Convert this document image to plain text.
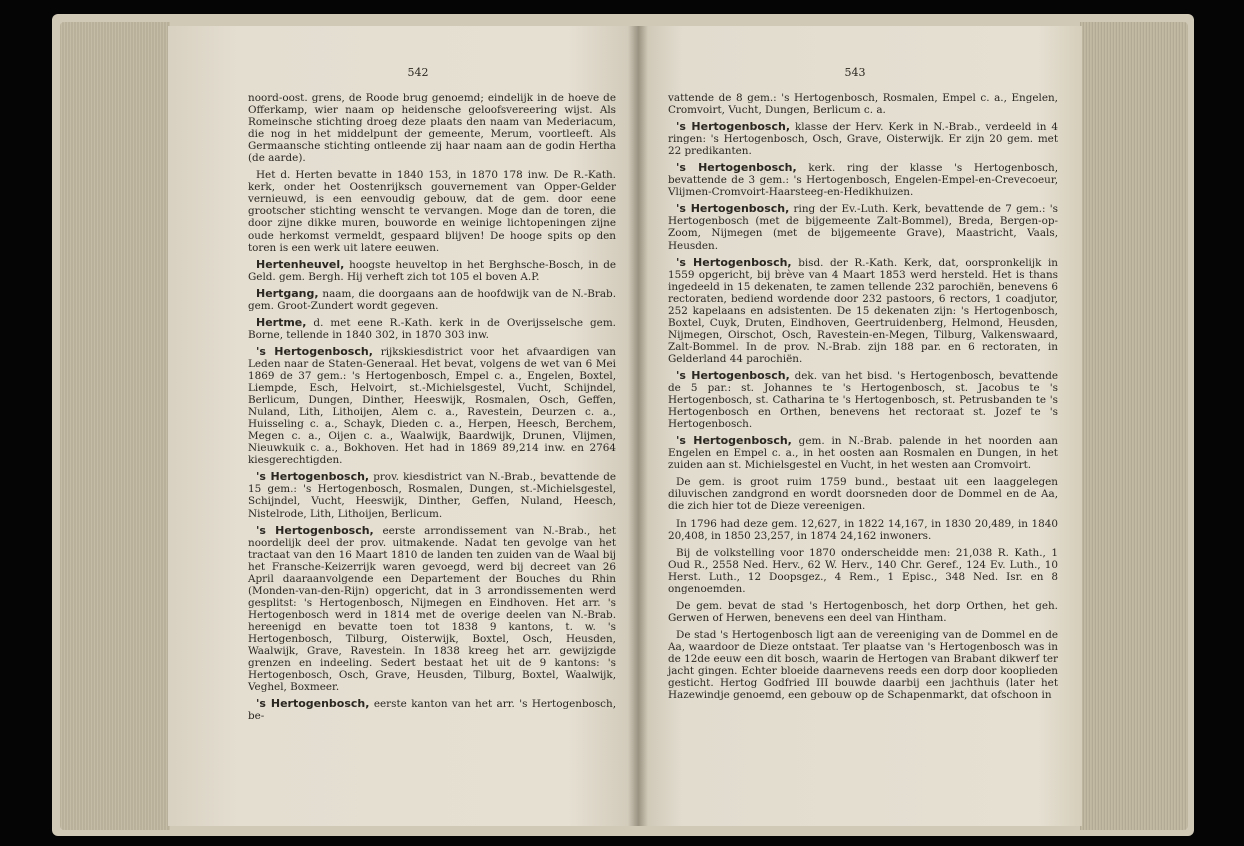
542

noord-oost. grens, de Roode brug genoemd; eindelijk in de hoeve de Offerkamp, wier naam op heidensche geloofsvereering wijst. Als Romeinsche stichting droeg deze plaats den naam van Mederiacum, die nog in het middelpunt der gemeente, Merum, voortleeft. Als Germaansche stichting ontleende zij haar naam aan de godin Hertha (de aarde).

Het d. Herten bevatte in 1840 153, in 1870 178 inw. De R.-Kath. kerk, onder het Oostenrijksch gouvernement van Opper-Gelder vernieuwd, is een eenvoudig gebouw, dat de gem. door eene grootscher stichting wenscht te vervangen. Moge dan de toren, die door zijne dikke muren, bouworde en weinige lichtopeningen zijne oude herkomst vermeldt, gespaard blijven! De hooge spits op den toren is een werk uit latere eeuwen.

Hertenheuvel, hoogste heuveltop in het Berghsche-Bosch, in de Geld. gem. Bergh. Hij verheft zich tot 105 el boven A.P.

Hertgang, naam, die doorgaans aan de hoofdwijk van de N.-Brab. gem. Groot-Zundert wordt gegeven.

Hertme, d. met eene R.-Kath. kerk in de Overijsselsche gem. Borne, tellende in 1840 302, in 1870 303 inw.

's Hertogenbosch, rijkskiesdistrict voor het afvaardigen van Leden naar de Staten-Generaal. Het bevat, volgens de wet van 6 Mei 1869 de 37 gem.: 's Hertogenbosch, Empel c. a., Engelen, Boxtel, Liempde, Esch, Helvoirt, st.-Michielsgestel, Vucht, Schijndel, Berlicum, Dungen, Dinther, Heeswijk, Rosmalen, Osch, Geffen, Nuland, Lith, Lithoijen, Alem c. a., Ravestein, Deurzen c. a., Huisseling c. a., Schayk, Dieden c. a., Herpen, Heesch, Berchem, Megen c. a., Oijen c. a., Waalwijk, Baardwijk, Drunen, Vlijmen, Nieuwkuik c. a., Bokhoven. Het had in 1869 89,214 inw. en 2764 kiesgerechtigden.

's Hertogenbosch, prov. kiesdistrict van N.-Brab., bevattende de 15 gem.: 's Hertogenbosch, Rosmalen, Dungen, st.-Michielsgestel, Schijndel, Vucht, Heeswijk, Dinther, Geffen, Nuland, Heesch, Nistelrode, Lith, Lithoijen, Berlicum.

's Hertogenbosch, eerste arrondissement van N.-Brab., het noordelijk deel der prov. uitmakende. Nadat ten gevolge van het tractaat van den 16 Maart 1810 de landen ten zuiden van de Waal bij het Fransche-Keizerrijk waren gevoegd, werd bij decreet van 26 April daaraanvolgende een Departement der Bouches du Rhin (Monden-van-den-Rijn) opgericht, dat in 3 arrondissementen werd gesplitst: 's Hertogenbosch, Nijmegen en Eindhoven. Het arr. 's Hertogenbosch werd in 1814 met de overige deelen van N.-Brab. hereenigd en bevatte toen tot 1838 9 kantons, t. w. 's Hertogenbosch, Tilburg, Oisterwijk, Boxtel, Osch, Heusden, Waalwijk, Grave, Ravestein. In 1838 kreeg het arr. gewijzigde grenzen en indeeling. Sedert bestaat het uit de 9 kantons: 's Hertogenbosch, Osch, Grave, Heusden, Tilburg, Boxtel, Waalwijk, Veghel, Boxmeer.

's Hertogenbosch, eerste kanton van het arr. 's Hertogenbosch, be-

543

vattende de 8 gem.: 's Hertogenbosch, Rosmalen, Empel c. a., Engelen, Cromvoirt, Vucht, Dungen, Berlicum c. a.

's Hertogenbosch, klasse der Herv. Kerk in N.-Brab., verdeeld in 4 ringen: 's Hertogenbosch, Osch, Grave, Oisterwijk. Er zijn 20 gem. met 22 predikanten.

's Hertogenbosch, kerk. ring der klasse 's Hertogenbosch, bevattende de 3 gem.: 's Hertogenbosch, Engelen-Empel-en-Crevecoeur, Vlijmen-Cromvoirt-Haarsteeg-en-Hedikhuizen.

's Hertogenbosch, ring der Ev.-Luth. Kerk, bevattende de 7 gem.: 's Hertogenbosch (met de bijgemeente Zalt-Bommel), Breda, Bergen-op-Zoom, Nijmegen (met de bijgemeente Grave), Maastricht, Vaals, Heusden.

's Hertogenbosch, bisd. der R.-Kath. Kerk, dat, oorspronkelijk in 1559 opgericht, bij brève van 4 Maart 1853 werd hersteld. Het is thans ingedeeld in 15 dekenaten, te zamen tellende 232 parochiën, benevens 6 rectoraten, bediend wordende door 232 pastoors, 6 rectors, 1 coadjutor, 252 kapelaans en adsistenten. De 15 dekenaten zijn: 's Hertogenbosch, Boxtel, Cuyk, Druten, Eindhoven, Geertruidenberg, Helmond, Heusden, Nijmegen, Oirschot, Osch, Ravestein-en-Megen, Tilburg, Valkenswaard, Zalt-Bommel. In de prov. N.-Brab. zijn 188 par. en 6 rectoraten, in Gelderland 44 parochiën.

's Hertogenbosch, dek. van het bisd. 's Hertogenbosch, bevattende de 5 par.: st. Johannes te 's Hertogenbosch, st. Jacobus te 's Hertogenbosch, st. Catharina te 's Hertogenbosch, st. Petrusbanden te 's Hertogenbosch en Orthen, benevens het rectoraat st. Jozef te 's Hertogenbosch.

's Hertogenbosch, gem. in N.-Brab. palende in het noorden aan Engelen en Empel c. a., in het oosten aan Rosmalen en Dungen, in het zuiden aan st. Michielsgestel en Vucht, in het westen aan Cromvoirt.

De gem. is groot ruim 1759 bund., bestaat uit een laaggelegen diluvischen zandgrond en wordt doorsneden door de Dommel en de Aa, die zich hier tot de Dieze vereenigen.

In 1796 had deze gem. 12,627, in 1822 14,167, in 1830 20,489, in 1840 20,408, in 1850 23,257, in 1874 24,162 inwoners.

Bij de volkstelling voor 1870 onderscheidde men: 21,038 R. Kath., 1 Oud R., 2558 Ned. Herv., 62 W. Herv., 140 Chr. Geref., 124 Ev. Luth., 10 Herst. Luth., 12 Doopsgez., 4 Rem., 1 Episc., 348 Ned. Isr. en 8 ongenoemden.

De gem. bevat de stad 's Hertogenbosch, het dorp Orthen, het geh. Gerwen of Herwen, benevens een deel van Hintham.

De stad 's Hertogenbosch ligt aan de vereeniging van de Dommel en de Aa, waardoor de Dieze ontstaat. Ter plaatse van 's Hertogenbosch was in de 12de eeuw een dit bosch, waarin de Hertogen van Brabant dikwerf ter jacht gingen. Echter bloeide daarnevens reeds een dorp door kooplieden gesticht. Hertog Godfried III bouwde daarbij een jachthuis (later het Hazewindje genoemd, een gebouw op de Schapenmarkt, dat ofschoon in
